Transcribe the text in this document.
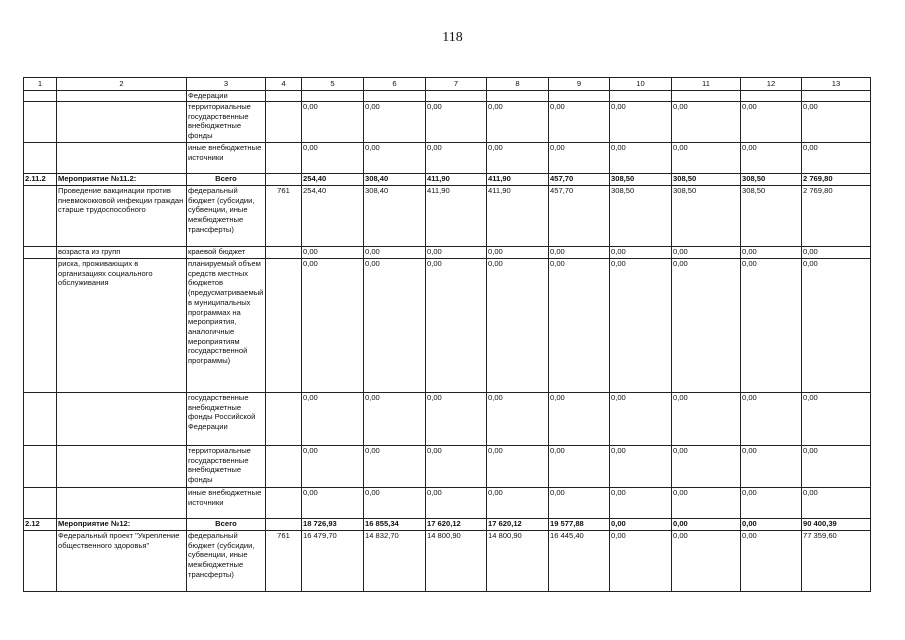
118
1	2	3	4	5	6	7	8	9	10	11	12	13
		Федерации										
		территориальные государственные внебюджетные фонды		0,00	0,00	0,00	0,00	0,00	0,00	0,00	0,00	0,00
		иные внебюджетные источники		0,00	0,00	0,00	0,00	0,00	0,00	0,00	0,00	0,00
2.11.2	Мероприятие №11.2:	Всего		254,40	308,40	411,90	411,90	457,70	308,50	308,50	308,50	2 769,80
	Проведение вакцинации против пневмококковой инфекции граждан старше трудоспособного	федеральный бюджет (субсидии, субвенции, иные межбюджетные трансферты)	761	254,40	308,40	411,90	411,90	457,70	308,50	308,50	308,50	2 769,80
	возраста из групп	краевой бюджет		0,00	0,00	0,00	0,00	0,00	0,00	0,00	0,00	0,00
	риска, проживающих в организациях социального обслуживания	планируемый объем средств местных бюджетов (предусматриваемый в муниципальных программах на мероприятия, аналогичные мероприятиям государственной программы)		0,00	0,00	0,00	0,00	0,00	0,00	0,00	0,00	0,00
		государственные внебюджетные фонды Российской Федерации		0,00	0,00	0,00	0,00	0,00	0,00	0,00	0,00	0,00
		территориальные государственные внебюджетные фонды		0,00	0,00	0,00	0,00	0,00	0,00	0,00	0,00	0,00
		иные внебюджетные источники		0,00	0,00	0,00	0,00	0,00	0,00	0,00	0,00	0,00
2.12	Мероприятие №12:	Всего		18 726,93	16 855,34	17 620,12	17 620,12	19 577,88	0,00	0,00	0,00	90 400,39
	Федеральный проект "Укрепление общественного здоровья"	федеральный бюджет (субсидии, субвенции, иные межбюджетные трансферты)	761	16 479,70	14 832,70	14 800,90	14 800,90	16 445,40	0,00	0,00	0,00	77 359,60
